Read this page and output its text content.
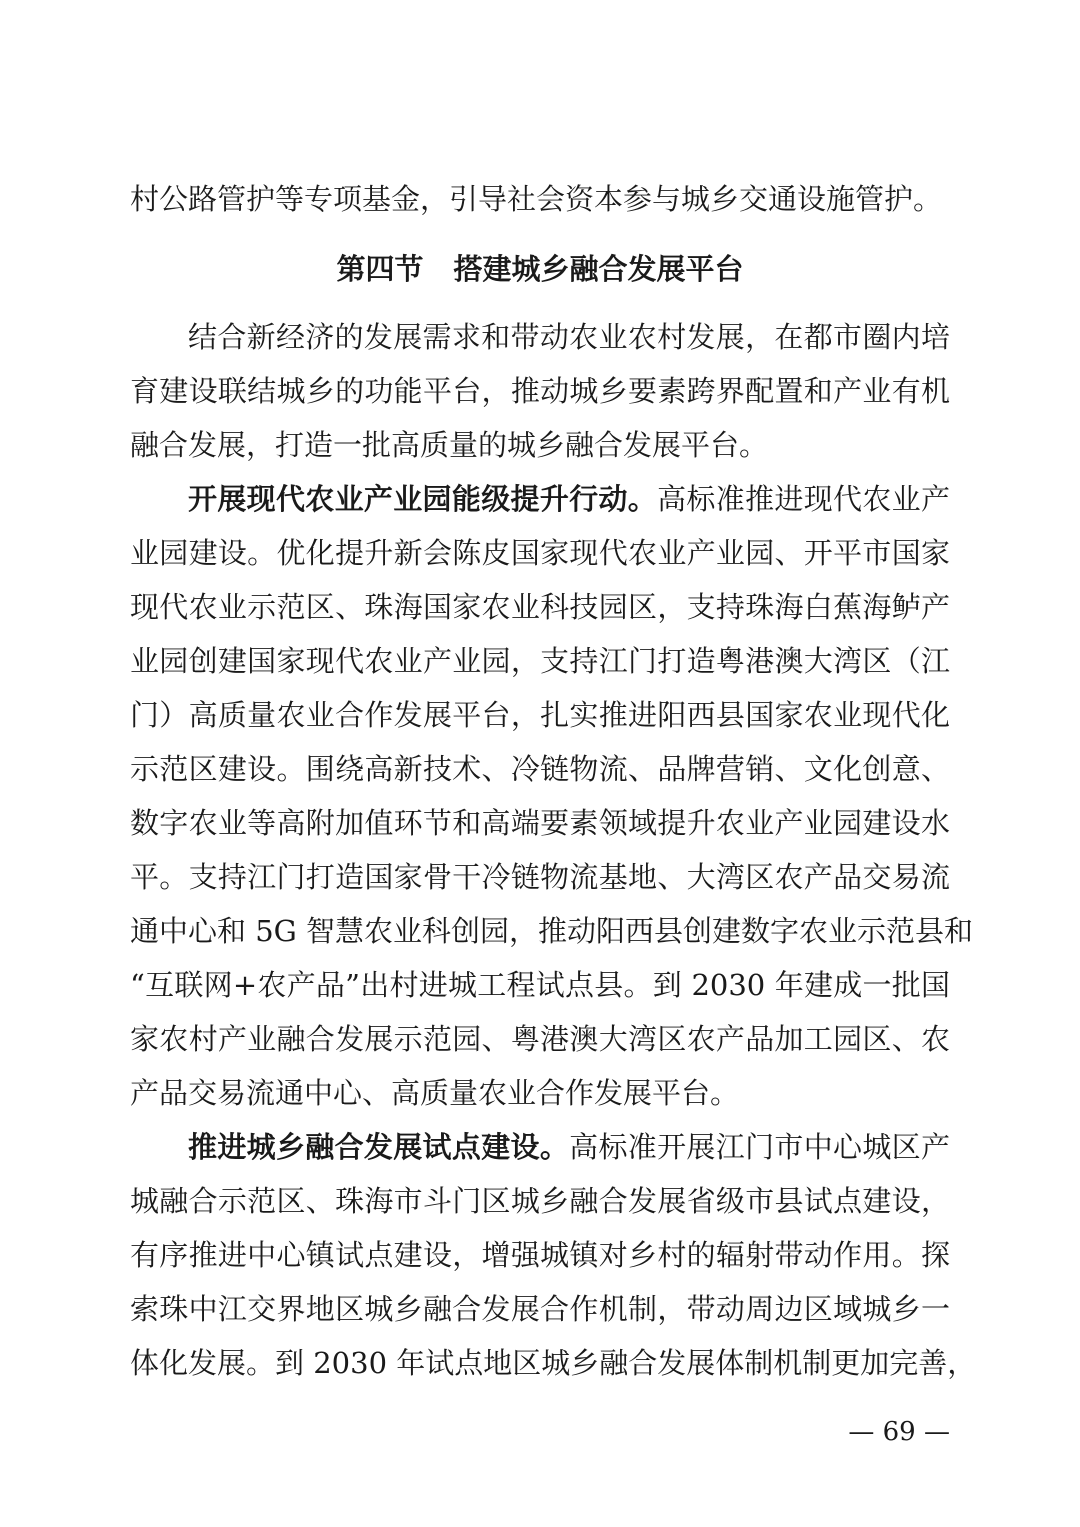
村公路管护等专项基金，引导社会资本参与城乡交通设施管护。
第四节 搭建城乡融合发展平台
结合新经济的发展需求和带动农业农村发展，在都市圈内培
育建设联结城乡的功能平台，推动城乡要素跨界配置和产业有机
融合发展，打造一批高质量的城乡融合发展平台。
开展现代农业产业园能级提升行动。高标准推进现代农业产
业园建设。优化提升新会陈皮国家现代农业产业园、开平市国家
现代农业示范区、珠海国家农业科技园区，支持珠海白蕉海鲈产
业园创建国家现代农业产业园，支持江门打造粤港澳大湾区（江
门）高质量农业合作发展平台，扎实推进阳西县国家农业现代化
示范区建设。围绕高新技术、冷链物流、品牌营销、文化创意、
数字农业等高附加值环节和高端要素领域提升农业产业园建设水
平。支持江门打造国家骨干冷链物流基地、大湾区农产品交易流
通中心和 5G 智慧农业科创园，推动阳西县创建数字农业示范县和
“互联网+农产品”出村进城工程试点县。到 2030 年建成一批国
家农村产业融合发展示范园、粤港澳大湾区农产品加工园区、农
产品交易流通中心、高质量农业合作发展平台。
推进城乡融合发展试点建设。高标准开展江门市中心城区产
城融合示范区、珠海市斗门区城乡融合发展省级市县试点建设，
有序推进中心镇试点建设，增强城镇对乡村的辐射带动作用。探
索珠中江交界地区城乡融合发展合作机制，带动周边区域城乡一
体化发展。到 2030 年试点地区城乡融合发展体制机制更加完善，
— 69 —
